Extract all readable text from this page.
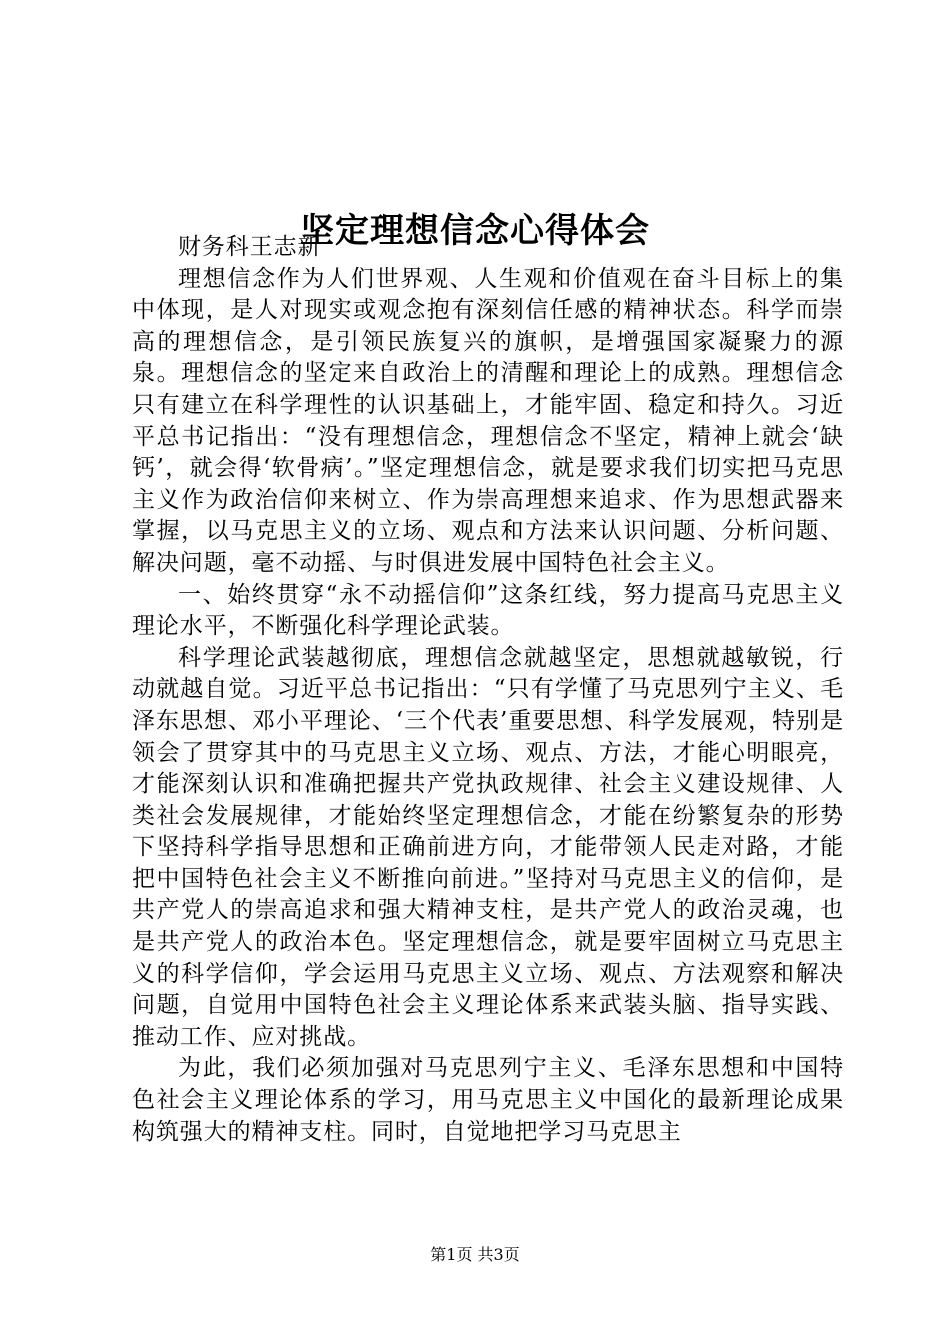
坚定理想信念心得体会

财务科王志新

理想信念作为人们世界观、人生观和价值观在奋斗目标上的集中体现，是人对现实或观念抱有深刻信任感的精神状态。科学而崇高的理想信念，是引领民族复兴的旗帜，是增强国家凝聚力的源泉。理想信念的坚定来自政治上的清醒和理论上的成熟。理想信念只有建立在科学理性的认识基础上，才能牢固、稳定和持久。习近平总书记指出：“没有理想信念，理想信念不坚定，精神上就会‘缺钙’，就会得‘软骨病’。”坚定理想信念，就是要求我们切实把马克思主义作为政治信仰来树立、作为崇高理想来追求、作为思想武器来掌握，以马克思主义的立场、观点和方法来认识问题、分析问题、解决问题，毫不动摇、与时俱进发展中国特色社会主义。

一、始终贯穿“永不动摇信仰”这条红线，努力提高马克思主义理论水平，不断强化科学理论武装。

科学理论武装越彻底，理想信念就越坚定，思想就越敏锐，行动就越自觉。习近平总书记指出：“只有学懂了马克思列宁主义、毛泽东思想、邓小平理论、‘三个代表’重要思想、科学发展观，特别是领会了贯穿其中的马克思主义立场、观点、方法，才能心明眼亮，才能深刻认识和准确把握共产党执政规律、社会主义建设规律、人类社会发展规律，才能始终坚定理想信念，才能在纷繁复杂的形势下坚持科学指导思想和正确前进方向，才能带领人民走对路，才能把中国特色社会主义不断推向前进。”坚持对马克思主义的信仰，是共产党人的崇高追求和强大精神支柱，是共产党人的政治灵魂，也是共产党人的政治本色。坚定理想信念，就是要牢固树立马克思主义的科学信仰，学会运用马克思主义立场、观点、方法观察和解决问题，自觉用中国特色社会主义理论体系来武装头脑、指导实践、推动工作、应对挑战。

为此，我们必须加强对马克思列宁主义、毛泽东思想和中国特色社会主义理论体系的学习，用马克思主义中国化的最新理论成果构筑强大的精神支柱。同时，自觉地把学习马克思主

第1页 共3页
